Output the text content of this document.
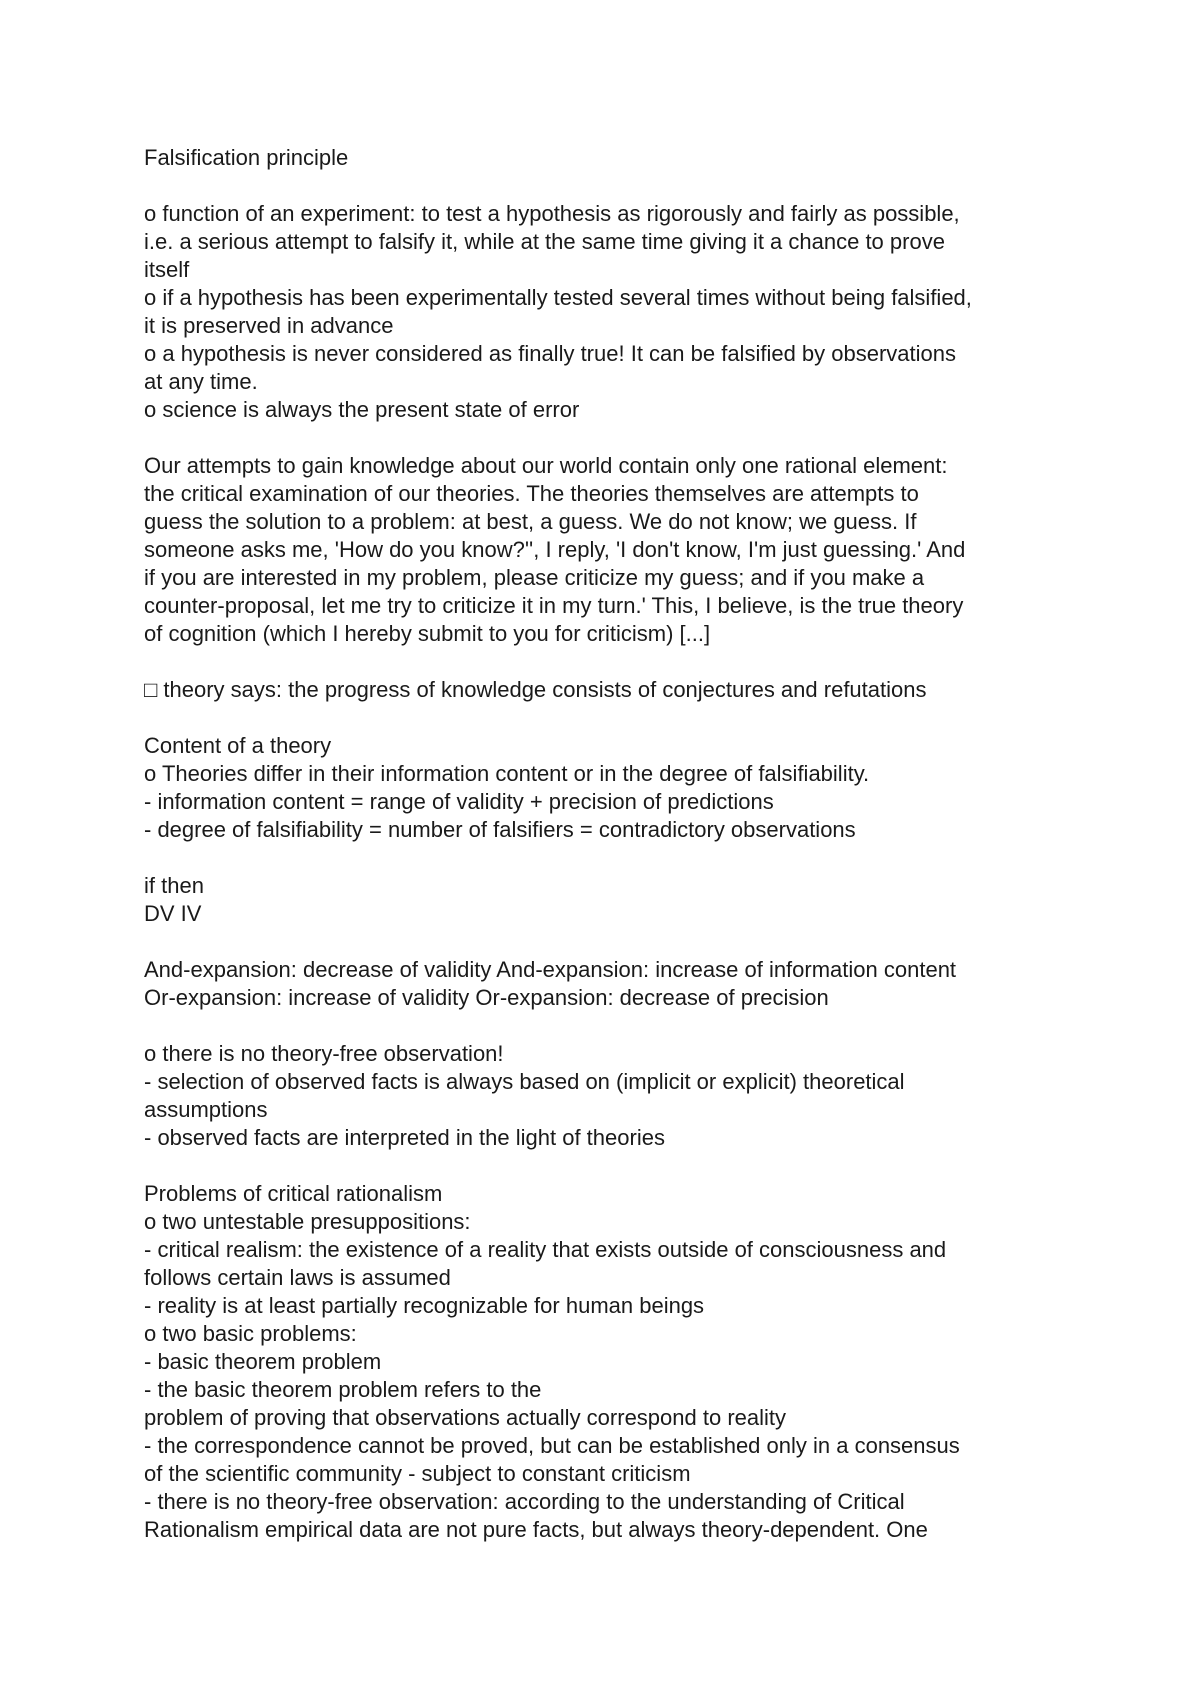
Falsification principle
o function of an experiment: to test a hypothesis as rigorously and fairly as possible,
i.e. a serious attempt to falsify it, while at the same time giving it a chance to prove
itself
o if a hypothesis has been experimentally tested several times without being falsified,
it is preserved in advance
o a hypothesis is never considered as finally true! It can be falsified by observations
at any time.
o science is always the present state of error
Our attempts to gain knowledge about our world contain only one rational element:
the critical examination of our theories. The theories themselves are attempts to
guess the solution to a problem: at best, a guess. We do not know; we guess. If
someone asks me, 'How do you know?'', I reply, 'I don't know, I'm just guessing.' And
if you are interested in my problem, please criticize my guess; and if you make a
counter-proposal, let me try to criticize it in my turn.' This, I believe, is the true theory
of cognition (which I hereby submit to you for criticism) [...]
□ theory says: the progress of knowledge consists of conjectures and refutations
Content of a theory
o Theories differ in their information content or in the degree of falsifiability.
- information content = range of validity + precision of predictions
- degree of falsifiability = number of falsifiers = contradictory observations
if then
DV IV
And-expansion: decrease of validity And-expansion: increase of information content
Or-expansion: increase of validity Or-expansion: decrease of precision
o there is no theory-free observation!
- selection of observed facts is always based on (implicit or explicit) theoretical
assumptions
- observed facts are interpreted in the light of theories
Problems of critical rationalism
o two untestable presuppositions:
- critical realism: the existence of a reality that exists outside of consciousness and
follows certain laws is assumed
- reality is at least partially recognizable for human beings
o two basic problems:
- basic theorem problem
- the basic theorem problem refers to the
problem of proving that observations actually correspond to reality
- the correspondence cannot be proved, but can be established only in a consensus
of the scientific community - subject to constant criticism
- there is no theory-free observation: according to the understanding of Critical
Rationalism empirical data are not pure facts, but always theory-dependent. One
